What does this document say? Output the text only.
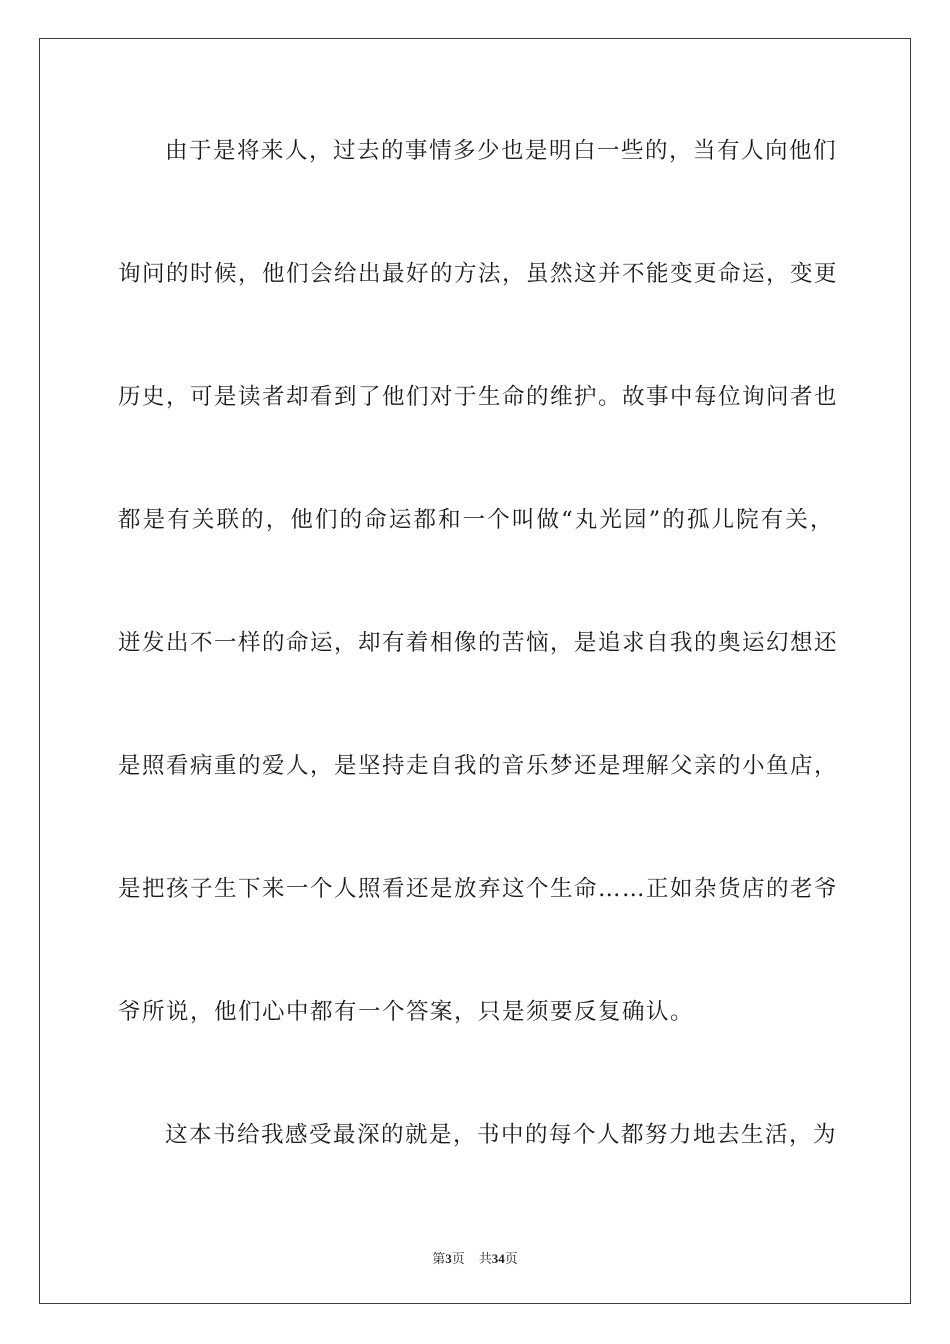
由于是将来人，过去的事情多少也是明白一些的，当有人向他们
询问的时候，他们会给出最好的方法，虽然这并不能变更命运，变更
历史，可是读者却看到了他们对于生命的维护。故事中每位询问者也
都是有关联的，他们的命运都和一个叫做“丸光园”的孤儿院有关，
迸发出不一样的命运，却有着相像的苦恼，是追求自我的奥运幻想还
是照看病重的爱人，是坚持走自我的音乐梦还是理解父亲的小鱼店，
是把孩子生下来一个人照看还是放弃这个生命……正如杂货店的老爷
爷所说，他们心中都有一个答案，只是须要反复确认。
这本书给我感受最深的就是，书中的每个人都努力地去生活，为
第3页 共34页
